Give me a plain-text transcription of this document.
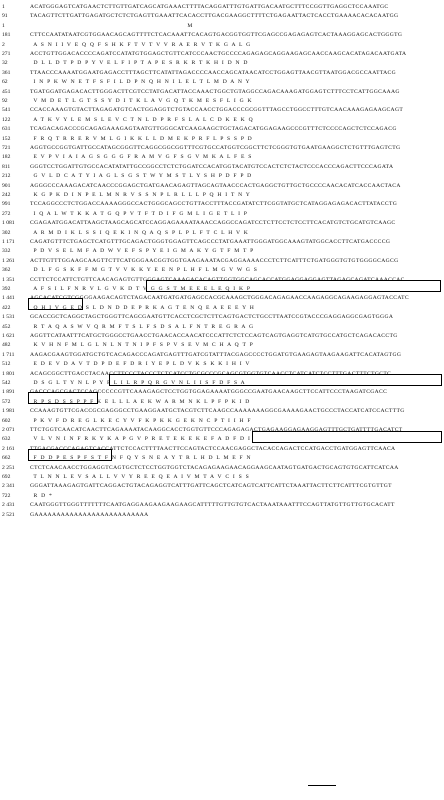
1	ACATGGGAGTCATGAACTCTTGTTGATCAGCATGAAACTTTTACAGGATTTGTGATTGACAATGCTTTCCGGTTGAGGCTCCAAATGC
91	TACAGTTCTTGATTGAGATGCTCTCTGAGTTGAAATTCACACCTTGACGAAGGCTTTTCTGAGAATTACTCACCTGAAAACACACAATGG
1	M
181	CTTCCAATATAATCGTGGAACAGCAGTTTTCTCACAAATTCACAGTGACGGTGGTTCGAGCCGAGAGAGTCACTAAAGGAGCACTGGGTG
2	A  S  N  I  I  V  E  Q  Q  F  S  H  K  F  T  V  T  V  V  R  A  E  R  V  T  K  G  A  L  G
271	ACCTGTTGGACACCCCAGATCCATATGTGGAGCTGTTCATCCCAACTGCCCCAGAGAGCAGGAAGAGCAACCAAGCACATAGACAATGATA
32	D  L  L  D  T  P  D  P  Y  V  E  L  F  I  P  T  A  P  E  S  R  K  R  T  K  H  I  D  N  D
361	TTAACCCAAAATGGAATGAGACCTTTAGCTTCATATTAGACCCCAACCAGCATAACATCCTGGAGTTAACGTTAATGGACGCCAATTACG
62	I  N  P  K  W  N  E  T  F  S  F  I  L  D  P  N  Q  H  N  I  L  E  L  T  L  M  D  A  N  Y
451	TGATGGATGAGACACTTGGGACTTCGTCCTATGACATTACCAAACTGGCTGTAGGCCAGACAAAGATGGAGTCTTTCCTCATTGGCAAAG
92	V  M  D  E  T  L  G  T  S  S  Y  D  I  T  K  L  A  V  G  Q  T  K  M  E  S  F  L  I  G  K
541	CCACCAAAGTGTACTTAGAGATGTCACTGGAGGTCTGTACCAACCTGGACCCGCGGTTTAGCCTGGCCTTTGTCAACAAAGAGAAGCAGT
122	A  T  K  V  Y  L  E  M  S  L  E  V  C  T  N  L  D  P  R  F  S  L  A  L  C  D  K  E  K  Q
631	TCAGACAGACCCGCAGAGAAAGAGTAATGTTGGGCATCAAGAAGCTGCTAGACATGGAGAAGCCCGTTTCTCCCCAGCTCTCCAGACG
152	F  R  Q  T  R  R  E  R  V  M  L  G  I  K  K  L  L  D  M  E  K  P  R  F  L  P  S  S  P  D
721	AGGTGCCGGTGATTGCCATAGCGGGTTCAGGCGGCGGTTTCGTGCCATGGTCGGCTTCTCGGGTGTGAATGAAGGCTCTGTTTGAGTCTG
182	E  V  P  V  I  A  I  A  G  S  G  G  G  F  R  A  M  V  G  F  S  G  V  M  K  A  L  F  E  S
811	GGGTCCTGGATTGTGCCACATATATTGCCGGCCTCTCTGGATCCACATGGTACATGTCCACTCTCTACTCCCACCCAGACTTCCCAGATA
212	G  V  L  D  C  A  T  Y  I  A  G  L  S  G  S  T  W  Y  M  S  T  L  Y  S  H  P  D  F  P  D
901	AGGGCCCAAAGACATCAACCCGGAGCTGATGAACAGAGTTAGCAGTAACCCACTGAGGCTGTTGCTGCCCCAACACATCACCAACTACA
242	K  G  P  K  D  I  N  P  E  L  M  N  R  V  S  S  N  P  L  R  L  L  L  P  Q  H  I  T  N  Y
991	TCCAGGCCCTCTGGACCAAAAGGGCCACTGGGCAGCCTGTTACCTTTACCGATATCTTCGGTATGCTCATAGGAGAGACACTTATACCTG
272	I  Q  A  L  W  T  K  K  A  T  G  Q  P  V  T  F  T  D  I  F  G  M  L  I  G  E  T  L  I  P
1 081	CGAGAATGGACATTAAGCTAAGCAGCATCCAGGAGAAAATAAACCAGGCCAGATCCTCTTCCTCTCCTTCACATGTCTGCATGTCAAGC
302	A  R  M  D  I  K  L  S  S  I  Q  E  K  I  N  Q  A  Q  S  P  L  P  L  F  T  C  L  H  V  K
1 171	CAGATGTTTCTGAGCTCATGTTTGCAGACTGGGTGGAGTTCAGCCCTATGAAATTGGGATGGCAAAGTATGGCACCTTCATGACCCCG
332	P  D  V  S  E  L  M  F  A  D  W  V  E  F  S  P  Y  E  I  G  M  A  K  Y  G  T  F  M  T  P
1 261	ACTTGTTTGGAAGCAAGTTCTTCATGGGAACGGTGGTGAAGAAATACGAGGAAAACCCTCTTCATTTCTGATGGGTGTGTGGGGCAGCG
362	D  L  F  G  S  K  F  F  M  G  T  V  V  K  K  Y  E  E  N  P  L  H  F  L  M  G  V  W  G  S
1 351	CCTTCTCCATTCTGTTCAACAGAGTGTTGGGAGTCAAAGACACAGTTGGTGGCAGCACCATGGAGGAGGAGTTAGAGCAGATCAAACCAC
392	A  F  S  I  L  F  N  R  V  L  G  V  K  D  T  V  G  G  S  T  M  E  E  E  L  E  Q  I  K  P
1 441	AGCACATCGTCGGGGAAGACAGTCTAGACAATGATGATGAGCCACGCAAAGCTGGGACAGAGAACCAAGAGGCAGAAGAGGAGTACCATC
422	Q  H  I  V  G  E  D  S  L  D  N  D  D  E  P  R  K  A  G  T  E  N  Q  E  A  E  E  E  Y  H
1 531	GCACCGCTCAGGCTAGCTGGGTTCAGCGAATGTTCACCTCGCTCTTCAGTGACTCTGCCTTAATCCGTACCCGAGGAGGCGAGTGGGA
452	R  T  A  Q  A  S  W  V  Q  R  M  F  T  S  L  F  S  D  S  A  L  F  N  T  R  E  G  R  A  G
1 621	AGGTTCATAATTTCATGCTGGGCCTGAACCTGAACACCAACATCCCATTCTCTCCAGTCAGTGAGGTCATGTGCCATGCTCAGACACCTG
482	K  V  H  N  F  M  L  G  L  N  L  N  T  N  I  P  F  S  P  V  S  E  V  M  C  H  A  Q  T  P
1 711	AAGACGAAGTGGATGCTGTCACAGACCCAGATGAGTTTGATCGTATTTACGAGCCCCTGGATGTGAAGAGTAAGAAGATTCACATAGTGG
512	E  D  E  V  D  A  V  T  D  P  D  E  F  D  R  I  Y  E  P  L  D  V  K  S  K  K  I  H  I  V
1 801	ACAGCGGCTTGACCTACAACCTTCCCTACCCTCTCATCCTGCGCCCGCAGCGTGGTGTCAACCTCATCATCTCCTTTGACTTTCTGCTC
542	D  S  G  L  T  Y  N  L  P  Y  P  L  I  L  R  P  Q  R  G  V  N  L  I  I  S  F  D  F  S  A
1 891	GACCCAGCGACTCCAGCCCCCGTTCAAAGAGCTCCTGGTGGAGAAAATGGGCCGAATGAACAAGCTTCCATTCCCTAAGATCGACC
572	R  P  S  D  S  S  P  P  F  K  E  L  L  L  A  E  K  W  A  R  M  N  K  L  P  F  P  K  I  D
1 981	CCAAAGTGTTCGACCGCGAGGGCCTGAAGGAATGCTACGTCTTCAAGCCAAAAAAAGGCGAAAAGAACTGCCCTACCATCATCCACTTTG
602	P  K  V  F  D  R  E  G  L  K  E  C  Y  V  F  K  P  K  K  G  E  K  N  C  P  T  I  I  H  F
2 071	TTCTGGTCAACATCAACTTCAGAAAATACAAGGCACCTGGTGTTCCCAGAGAGACTGAGAAGGAGAAGGAGTTTGCTGATTTTGACATCT
632	V  L  V  N  I  N  F  R  K  Y  K  A  P  G  V  P  R  E  T  E  K  E  K  E  F  A  D  F  D  I
2 161	TTGACGACCCAGAGTCACCATTCTCCACTTTTAACTTCCAGTACTCCAACGAGGCTACACCAGACTCCATGACCTGATGGAGTTCAACA
662	F  D  D  P  E  S  P  F  S  T  F  N  F  Q  Y  S  N  E  A  Y  T  R  L  H  D  L  M  E  F  N
2 251	CTCTCAACAACCTGGAGGTCAGTGCTCTCCTGGTGGTCTACAGAGAAGAACAGGAAGCAATAGTGATGACTGCAGTGTGCATTCATCAA
692	T  L  N  N  L  E  V  S  A  L  L  V  V  Y  R  E  E  Q  E  A  I  V  M  T  A  V  C  I  S  S
2 341	GGGATTAAAGAGTGATTCAGGACTGTACAGAGGTCATTTGATTCAGCTCATCAGTCATTCATTCTAAATTACTTCTTCATTTCGTGTTGT
722	R  D  *
2 431	CAATGGGTTGGGTTTTTTTCAATGAGGAAGAAGAAGAAGCATTTTTGTTGTGTCACTAAATAAATTTCCAGTTATGTTGTTGTGCACATT
2 521	GAAAAAAAAAAAAAAAAAAAAAAAAAA
